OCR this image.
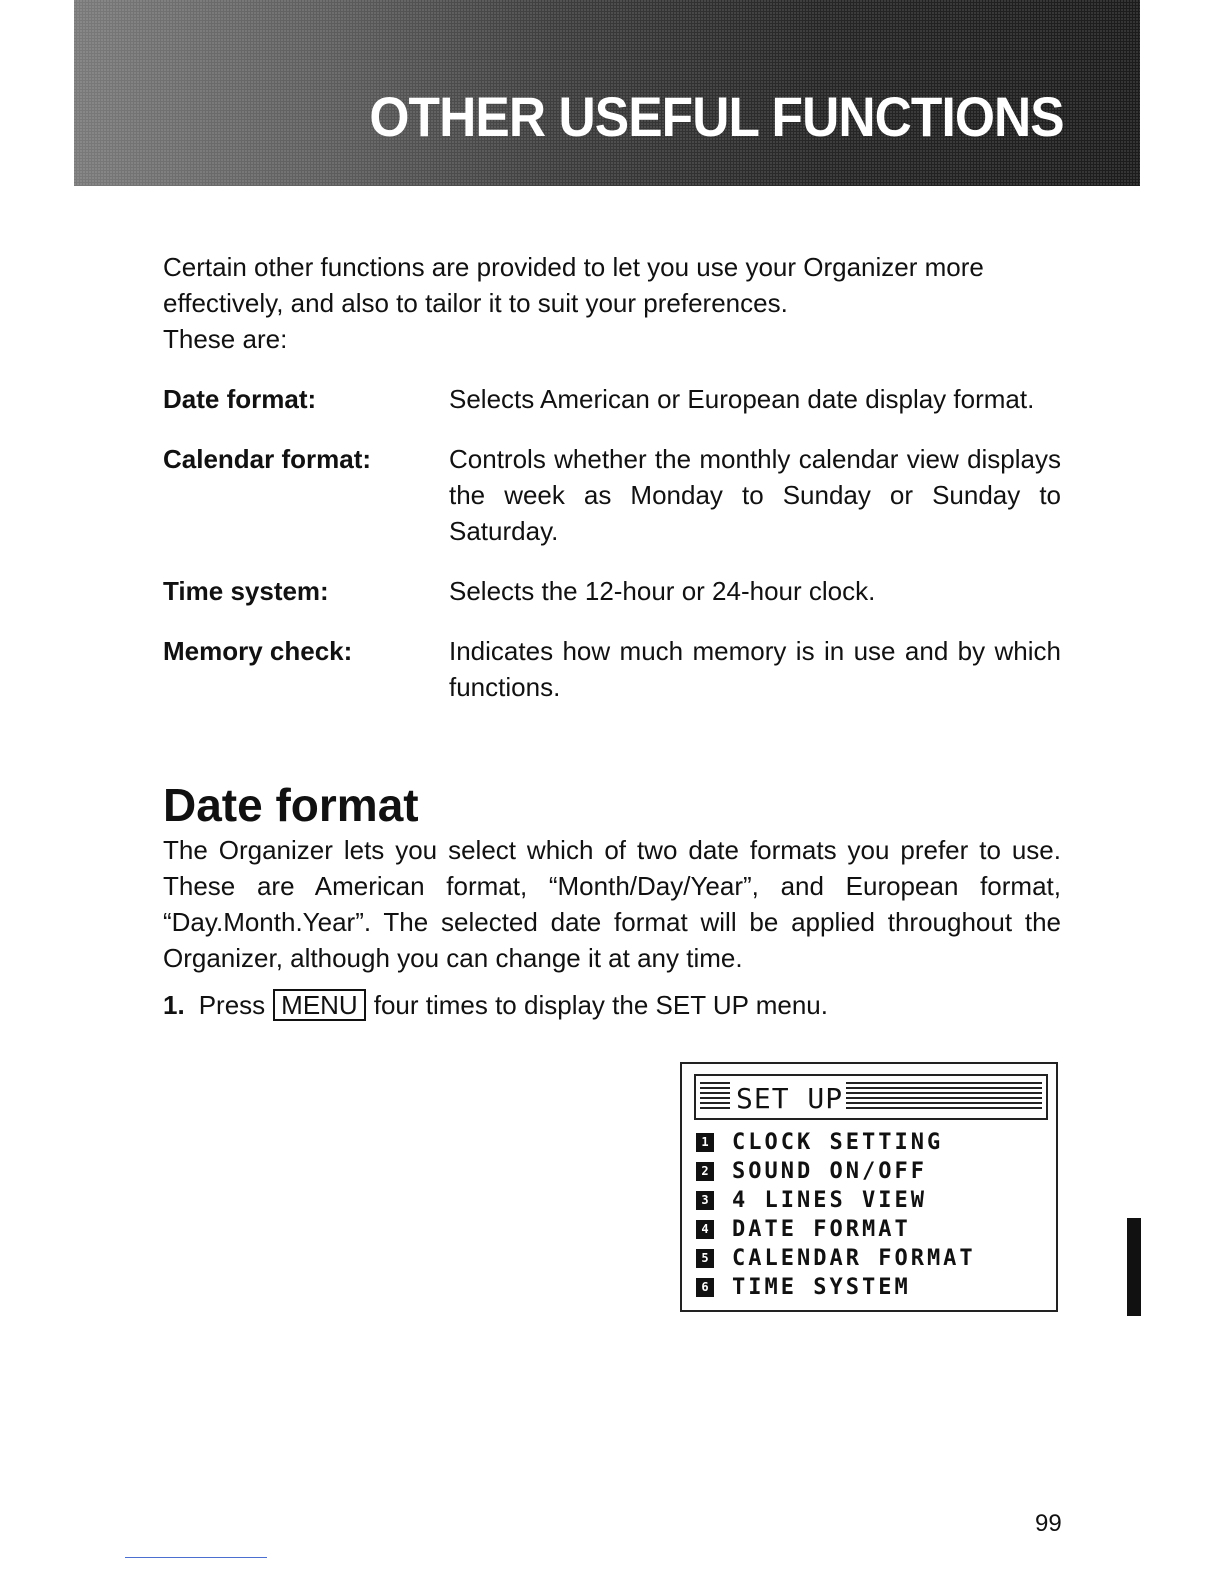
OTHER USEFUL FUNCTIONS

Certain other functions are provided to let you use your Organizer more effectively, and also to tailor it to suit your preferences.

These are:

Date format:	Selects American or European date display format.
Calendar format:	Controls whether the monthly calendar view displays the week as Monday to Sunday or Sunday to Saturday.
Time system:	Selects the 12-hour or 24-hour clock.
Memory check:	Indicates how much memory is in use and by which functions.
Date format

The Organizer lets you select which of two date formats you prefer to use. These are American format, “Month/Day/Year”, and European format, “Day.Month.Year”. The selected date format will be applied throughout the Organizer, although you can change it at any time.

1. Press MENU four times to display the SET UP menu.
SET UP
1 CLOCK SETTING
2 SOUND ON/OFF
3 4 LINES VIEW
4 DATE FORMAT
5 CALENDAR FORMAT
6 TIME SYSTEM
99
